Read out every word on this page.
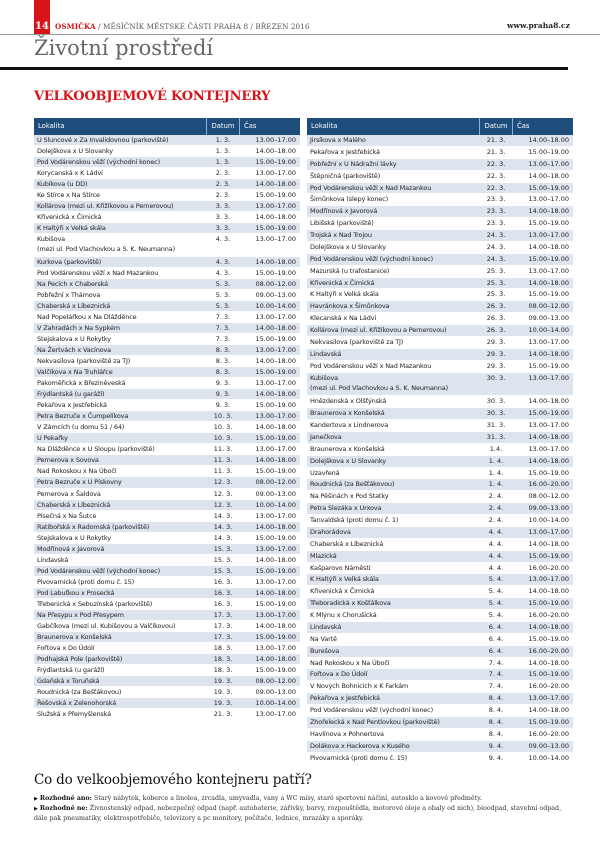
14 OSMIČKA / MĚSÍČNÍK MĚSTSKÉ ČÁSTI PRAHA 8 / BŘEZEN 2016	www.praha8.cz
Životní prostředí
VELKOOBJEMOVÉ KONTEJNERY
Lokalita	Datum	Čas
U Sluncové x Za Invalidovnou (parkoviště)	1. 3.	13.00–17.00
Dolejškova x U Slovanky	1. 3.	14.00–18.00
Pod Vodárenskou věží (východní konec)	1. 3.	15.00–19.00
Korycanská x K Ládví	2. 3.	13.00–17.00
Kubíkova (u DD)	2. 3.	14.00–18.00
Ke Stírce x Na Stírce	2. 3.	15.00–19.00
Kollárova (mezi ul. Křižíkovou a Pernerovou)	3. 3.	13.00–17.00
Křivenická x Čimická	3. 3.	14.00–18.00
K Haltýři x Velká skála	3. 3.	15.00–19.00
Kubišova
(mezi ul. Pod Vlachovkou a S. K. Neumanna)
4. 3.	13.00–17.00
Kurkova (parkoviště)	4. 3.	14.00–18.00
Pod Vodárenskou věží x Nad Mazankou	4. 3.	15.00–19.00
Na Pecích x Chaberská	5. 3.	08.00–12.00
Pobřežní x Thámova	5. 3.	09.00–13.00
Chaberská x Líbeznická	5. 3.	10.00–14.00
Nad Popelářkou x Na Dlážděnce	7. 3.	13.00–17.00
V Zahradách x Na Sypkém	7. 3.	14.00–18.00
Stejskalova x U Rokytky	7. 3.	15.00–19.00
Na Žertvách x Vacínova	8. 3.	13.00–17.00
Nekvasilova (parkoviště za TJ)	8. 3.	14.00–18.00
Valčíkova x Na Truhlářce	8. 3.	15.00–19.00
Pakoměřická x Březiněveská	9. 3.	13.00–17.00
Frýdlantská (u garáží)	9. 3.	14.00–18.00
Pekařova x Jestřebická	9. 3.	15.00–19.00
Petra Bezruče x Čumpelíkova	10. 3.	13.00–17.00
V Zámcích (u domu 51 / 64)	10. 3.	14.00–18.00
U Pekařky	10. 3.	15.00–19.00
Na Dlážděnce x U Sloupu (parkoviště)	11. 3.	13.00–17.00
Pernerova x Sovova	11. 3.	14.00–18.00
Nad Rokoskou x Na Úbočí	11. 3.	15.00–19.00
Petra Bezruče x U Pískovny	12. 3.	08.00–12.00
Pernerova x Šaldova	12. 3.	09.00–13.00
Chaberská x Líbeznická	12. 3.	10.00–14.00
Písečná x Na Šutce	14. 3.	13.00–17.00
Ratibořská x Radomská (parkoviště)	14. 3.	14.00–18.00
Stejskalova x U Rokytky	14. 3.	15.00–19.00
Modřínová x Javorová	15. 3.	13.00–17.00
Lindavská	15. 3.	14.00–18.00
Pod Vodárenskou věží (východní konec)	15. 3.	15.00–19.00
Pivovarnická (proti domu č. 15)	16. 3.	13.00–17.00
Pod Labuťkou x Prosecká	16. 3.	14.00–18.00
Třebenická x Sebuzínská (parkoviště)	16. 3.	15.00–19.00
Na Přesypu x Pod Přesypem	17. 3.	13.00–17.00
Gabčíkova (mezi ul. Kubišovou a Valčíkovou)	17. 3.	14.00–18.00
Braunerova x Konšelská	17. 3.	15.00–19.00
Fořtova x Do Údolí	18. 3.	13.00–17.00
Podhajská Pole (parkoviště)	18. 3.	14.00–18.00
Frýdlantská (u garáží)	18. 3.	15.00–19.00
Gdaňská x Toruňská	19. 3.	08.00–12.00
Roudnická (za Bešťákovou)	19. 3.	09.00–13.00
Řešovská x Zelenohorská	19. 3.	10.00–14.00
Služská x Přemyšlenská	21. 3.	13.00–17.00
Lokalita	Datum	Čas
Jirsíkova x Malého	21. 3.	14.00–18.00
Pekařova x Jestřebická	21. 3.	15.00–19.00
Pobřežní x U Nádražní lávky	22. 3.	13.00–17.00
Štěpničná (parkoviště)	22. 3.	14.00–18.00
Pod Vodárenskou věží x Nad Mazankou	22. 3.	15.00–19.00
Šimůnkova (slepý konec)	23. 3.	13.00–17.00
Modřínová x Javorová	23. 3.	14.00–18.00
Libišská (parkoviště)	23. 3.	15.00–19.00
Trojská x Nad Trojou	24. 3.	13.00–17.00
Dolejškova x U Slovanky	24. 3.	14.00–18.00
Pod Vodárenskou věží (východní konec)	24. 3.	15.00–19.00
Mazurská (u trafostanice)	25. 3.	13.00–17.00
Křivenická x Čimická	25. 3.	14.00–18.00
K Haltýři x Velká skála	25. 3.	15.00–19.00
Havránkova x Šimůnkova	26. 3.	08.00–12.00
Klecanská x Na Ládví	26. 3.	09.00–13.00
Kollárova (mezi ul. Křižíkovou a Pernerovou)	26. 3.	10.00–14.00
Nekvasilova (parkoviště za TJ)	29. 3.	13.00–17.00
Lindavská	29. 3.	14.00–18.00
Pod Vodárenskou věží x Nad Mazankou	29. 3.	15.00–19.00
Kubišova
(mezi ul. Pod Vlachovkou a S. K. Neumanna)
30. 3.	13.00–17.00
Hnězdenská x Olšťýnská	30. 3.	14.00–18.00
Braunerova x Konšelská	30. 3.	15.00–19.00
Kandertova x Lindnerova	31. 3.	13.00–17.00
Janečkova	31. 3.	14.00–18.00
Braunerova x Konšelská	1.4.	13.00–17.00
Dolejškova x U Slovanky	1. 4.	14.00–18.00
Uzavřená	1. 4.	15.00–19.00
Roudnická (za Bešťákovou)	1. 4.	16.00–20.00
Na Pěšinách x Pod Statky	2. 4.	08.00–12.00
Petra Slezáka x Urxova	2. 4.	09.00–13.00
Tanvaldská (proti domu č. 1)	2. 4.	10.00–14.00
Drahorádova	4. 4.	13.00–17.00
Chaberská x Líbeznická	4. 4.	14.00–18.00
Mlazická	4. 4.	15.00–19.00
Kašparovo Náměstí	4. 4.	16.00–20.00
K Haltýři x Velká skála	5. 4.	13.00–17.00
Křivenická x Čimická	5. 4.	14.00–18.00
Třeboradická x Košťálkova	5. 4.	15.00–19.00
K Mlýnu x Chorušická	5. 4.	16.00–20.00
Lindavská	6. 4.	14.00–18.00
Na Vartě	6. 4.	15.00–19.00
Burešova	6. 4.	16.00–20.00
Nad Rokoskou x Na Úbočí	7. 4.	14.00–18.00
Fořtova x Do Údolí	7. 4.	15.00–19.00
V Nových Bohnicích x K Farkám	7. 4.	16.00–20.00
Pekařova x Jestřebická	8. 4.	13.00–17.00
Pod Vodárenskou věží (východní konec)	8. 4.	14.00–18.00
Zhořelecká x Nad Pentlovkou (parkoviště)	8. 4.	15.00–19.00
Havlínova x Pohnertova	8. 4.	16.00–20.00
Dolákova x Hackerova x Kusého	9. 4.	09.00–13.00
Pivovarnická (proti domu č. 15)	9. 4.	10.00–14.00
Co do velkoobjemového kontejneru patří?

▶ Rozhodně ano: Starý nábytek, koberce a linolea, zrcadla, umyvadla, vany a WC mísy, staré sportovní náčiní, autosklo a kovové předměty.

▶ Rozhodně ne: Živnostenský odpad, nebezpečný odpad (např. autobaterie, zářivky, barvy, rozpouštědla, motorové oleje a obaly od nich), bioodpad, stavební odpad, dále pak pneumatiky, elektrospotřebiče, televizory a pc monitory, počítače, lednice, mrazáky a sporáky.
